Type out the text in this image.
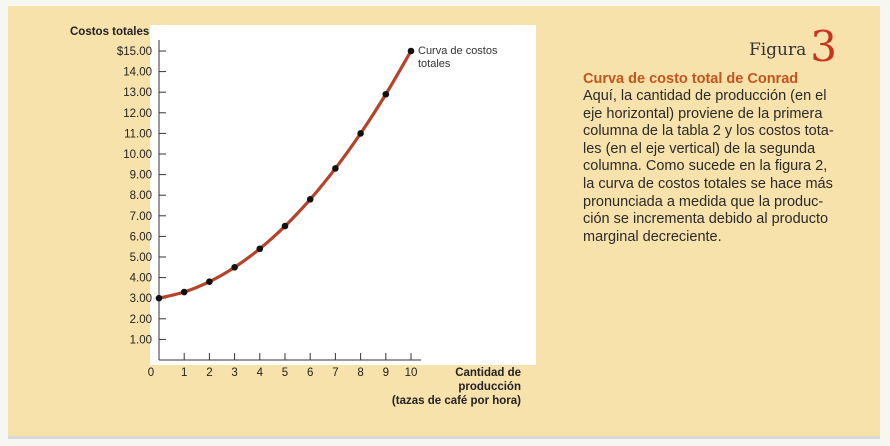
Costos totales
$15.00
14.00
13.00
12.00
11.00
10.00
9.00
8.00
7.00
6.00
5.00
4.00
3.00
2.00
1.00
0 1 2 3 4 5 6 7 8 9 10	Cantidad de
producción
(tazas de café por hora)
Curva de costos
totales
Figura3
Curva de costo total de Conrad
Aquí, la cantidad de producción (en el
eje horizontal) proviene de la primera
columna de la tabla 2 y los costos tota-
les (en el eje vertical) de la segunda
columna. Como sucede en la figura 2,
la curva de costos totales se hace más
pronunciada a medida que la produc-
ción se incrementa debido al producto
marginal decreciente.
